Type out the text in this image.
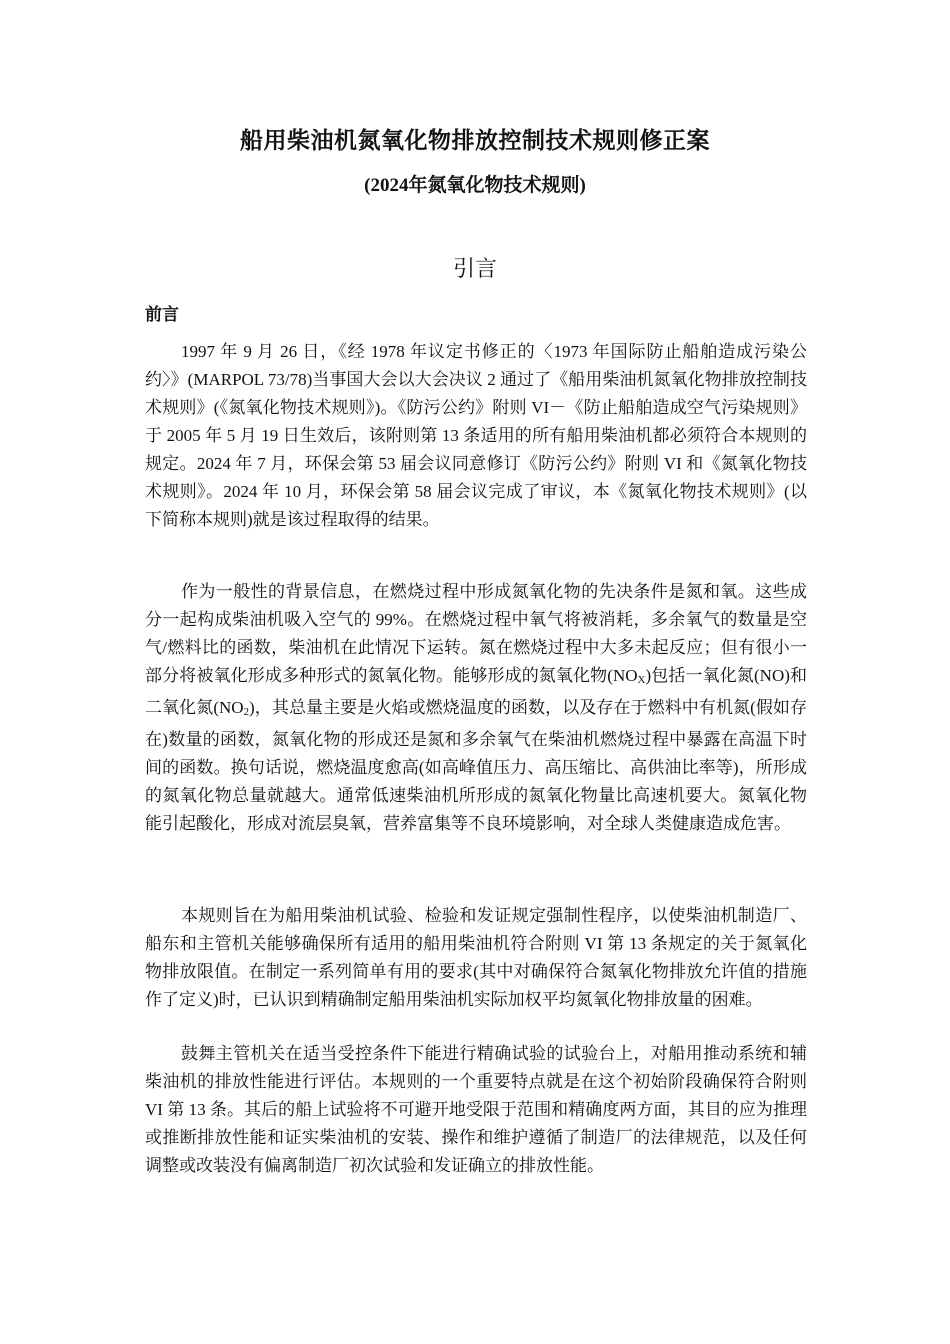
船用柴油机氮氧化物排放控制技术规则修正案
(2024年氮氧化物技术规则)
引言
前言

1997 年 9 月 26 日，《经 1978 年议定书修正的〈1973 年国际防止船舶造成污染公约〉》(MARPOL 73/78)当事国大会以大会决议 2 通过了《船用柴油机氮氧化物排放控制技术规则》(《氮氧化物技术规则》)。《防污公约》附则 VI－《防止船舶造成空气污染规则》于 2005 年 5 月 19 日生效后，该附则第 13 条适用的所有船用柴油机都必须符合本规则的规定。2024 年 7 月，环保会第 53 届会议同意修订《防污公约》附则 VI 和《氮氧化物技术规则》。2024 年 10 月，环保会第 58 届会议完成了审议，本《氮氧化物技术规则》(以下简称本规则)就是该过程取得的结果。

作为一般性的背景信息，在燃烧过程中形成氮氧化物的先决条件是氮和氧。这些成分一起构成柴油机吸入空气的 99%。在燃烧过程中氧气将被消耗，多余氧气的数量是空气/燃料比的函数，柴油机在此情况下运转。氮在燃烧过程中大多未起反应；但有很小一部分将被氧化形成多种形式的氮氧化物。能够形成的氮氧化物$(NO_X)$包括一氧化氮(NO)和二氧化氮$(NO_2)$，其总量主要是火焰或燃烧温度的函数，以及存在于燃料中有机氮(假如存在)数量的函数，氮氧化物的形成还是氮和多余氧气在柴油机燃烧过程中暴露在高温下时间的函数。换句话说，燃烧温度愈高(如高峰值压力、高压缩比、高供油比率等)，所形成的氮氧化物总量就越大。通常低速柴油机所形成的氮氧化物量比高速机要大。氮氧化物能引起酸化，形成对流层臭氧，营养富集等不良环境影响，对全球人类健康造成危害。

本规则旨在为船用柴油机试验、检验和发证规定强制性程序，以使柴油机制造厂、船东和主管机关能够确保所有适用的船用柴油机符合附则 VI 第 13 条规定的关于氮氧化物排放限值。在制定一系列简单有用的要求(其中对确保符合氮氧化物排放允许值的措施作了定义)时，已认识到精确制定船用柴油机实际加权平均氮氧化物排放量的困难。

鼓舞主管机关在适当受控条件下能进行精确试验的试验台上，对船用推动系统和辅柴油机的排放性能进行评估。本规则的一个重要特点就是在这个初始阶段确保符合附则 VI 第 13 条。其后的船上试验将不可避开地受限于范围和精确度两方面，其目的应为推理或推断排放性能和证实柴油机的安装、操作和维护遵循了制造厂的法律规范，以及任何调整或改装没有偏离制造厂初次试验和发证确立的排放性能。
